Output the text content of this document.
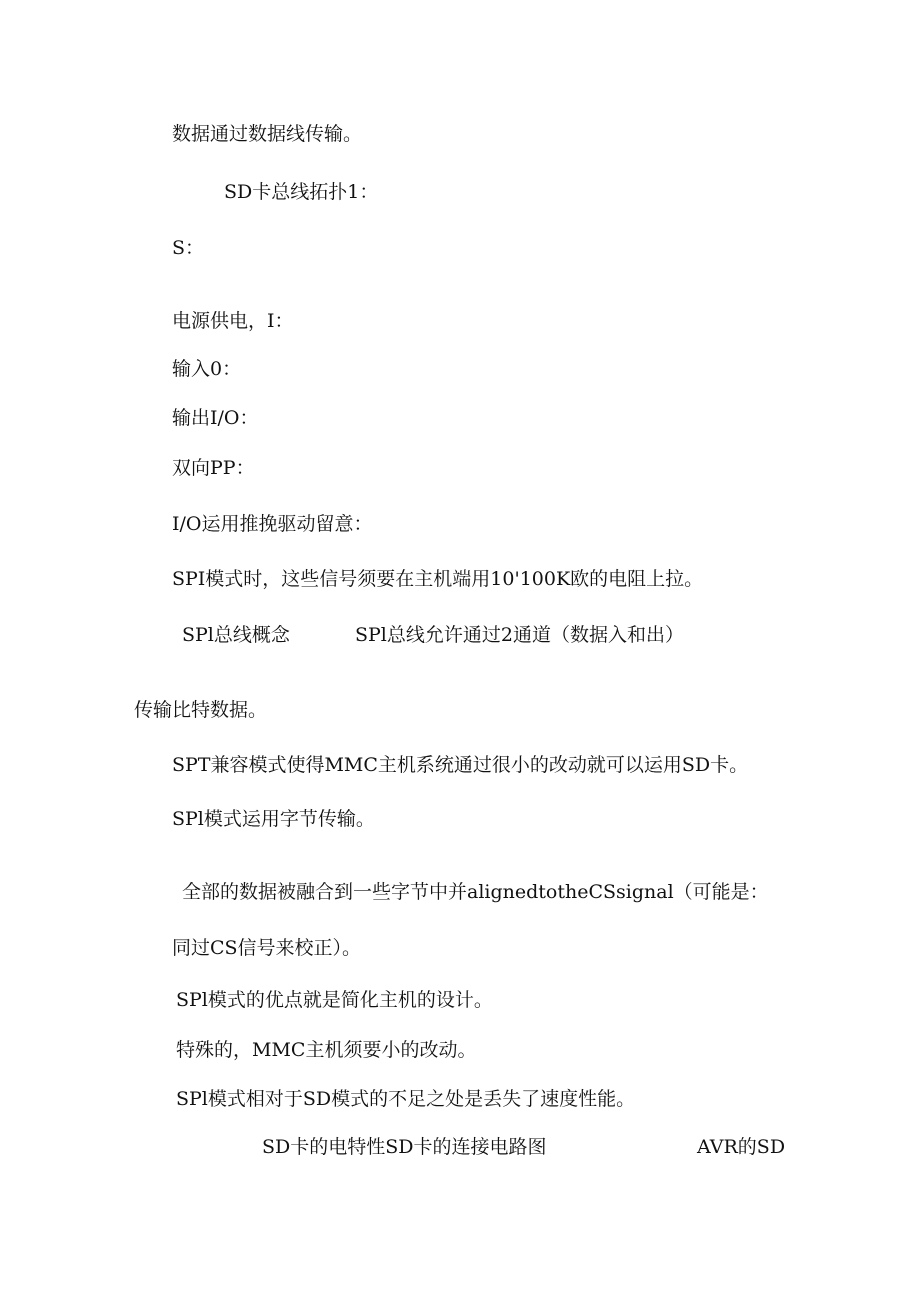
数据通过数据线传输。
SD卡总线拓扑1：
S：
电源供电，I：
输入0：
输出I/O：
双向PP：
I/O运用推挽驱动留意：
SPI模式时，这些信号须要在主机端用10'100K欧的电阻上拉。
SPl总线概念	SPl总线允许通过2通道（数据入和出）
传输比特数据。
SPT兼容模式使得MMC主机系统通过很小的改动就可以运用SD卡。
SPl模式运用字节传输。
全部的数据被融合到一些字节中并alignedtotheCSsignal（可能是：
同过CS信号来校正）。
SPl模式的优点就是简化主机的设计。
特殊的，MMC主机须要小的改动。
SPl模式相对于SD模式的不足之处是丢失了速度性能。
SD卡的电特性SD卡的连接电路图	AVR的SD
